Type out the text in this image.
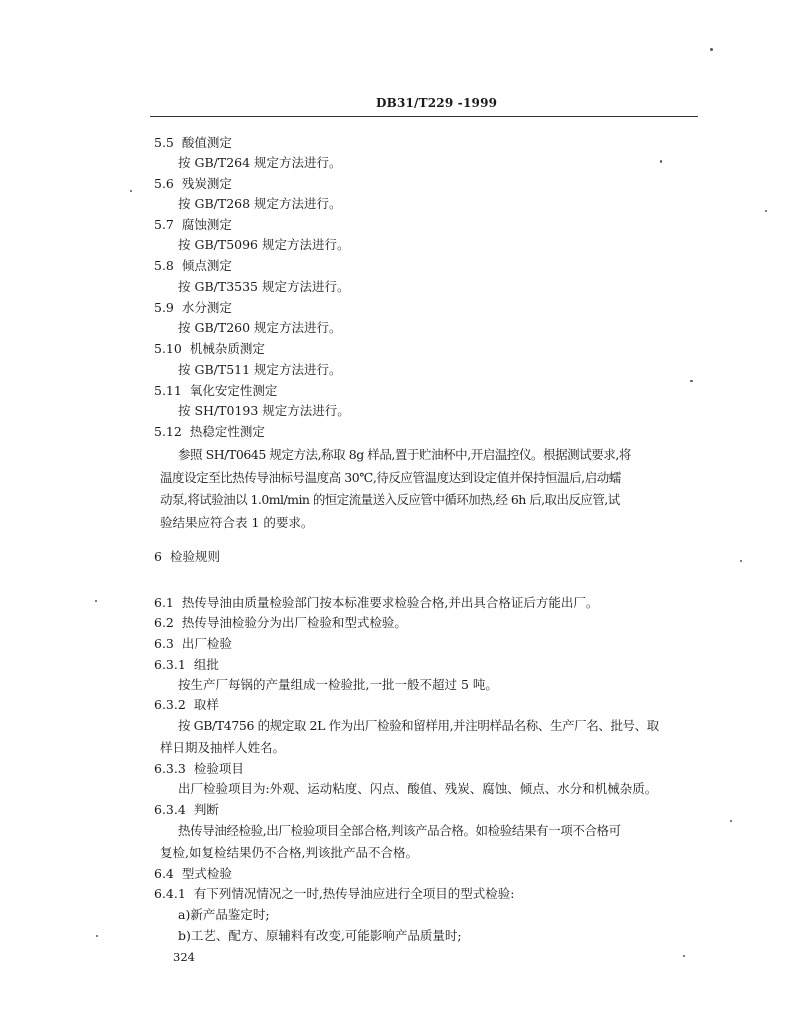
DB31/T229 -1999
5.5 酸值测定
按 GB/T264 规定方法进行。
5.6 残炭测定
按 GB/T268 规定方法进行。
5.7 腐蚀测定
按 GB/T5096 规定方法进行。
5.8 倾点测定
按 GB/T3535 规定方法进行。
5.9 水分测定
按 GB/T260 规定方法进行。
5.10 机械杂质测定
按 GB/T511 规定方法进行。
5.11 氧化安定性测定
按 SH/T0193 规定方法进行。
5.12 热稳定性测定
参照 SH/T0645 规定方法,称取 8g 样品,置于贮油杯中,开启温控仪。根据测试要求,将
温度设定至比热传导油标号温度高 30℃,待反应管温度达到设定值并保持恒温后,启动蠕
动泵,将试验油以 1.0ml/min 的恒定流量送入反应管中循环加热,经 6h 后,取出反应管,试
验结果应符合表 1 的要求。
6 检验规则
6.1 热传导油由质量检验部门按本标准要求检验合格,并出具合格证后方能出厂。
6.2 热传导油检验分为出厂检验和型式检验。
6.3 出厂检验
6.3.1 组批
按生产厂每锅的产量组成一检验批,一批一般不超过 5 吨。
6.3.2 取样
按 GB/T4756 的规定取 2L 作为出厂检验和留样用,并注明样品名称、生产厂名、批号、取
样日期及抽样人姓名。
6.3.3 检验项目
出厂检验项目为:外观、运动粘度、闪点、酸值、残炭、腐蚀、倾点、水分和机械杂质。
6.3.4 判断
热传导油经检验,出厂检验项目全部合格,判该产品合格。如检验结果有一项不合格可
复检,如复检结果仍不合格,判该批产品不合格。
6.4 型式检验
6.4.1 有下列情况情况之一时,热传导油应进行全项目的型式检验:
a)新产品鉴定时;
b)工艺、配方、原辅料有改变,可能影响产品质量时;
324
